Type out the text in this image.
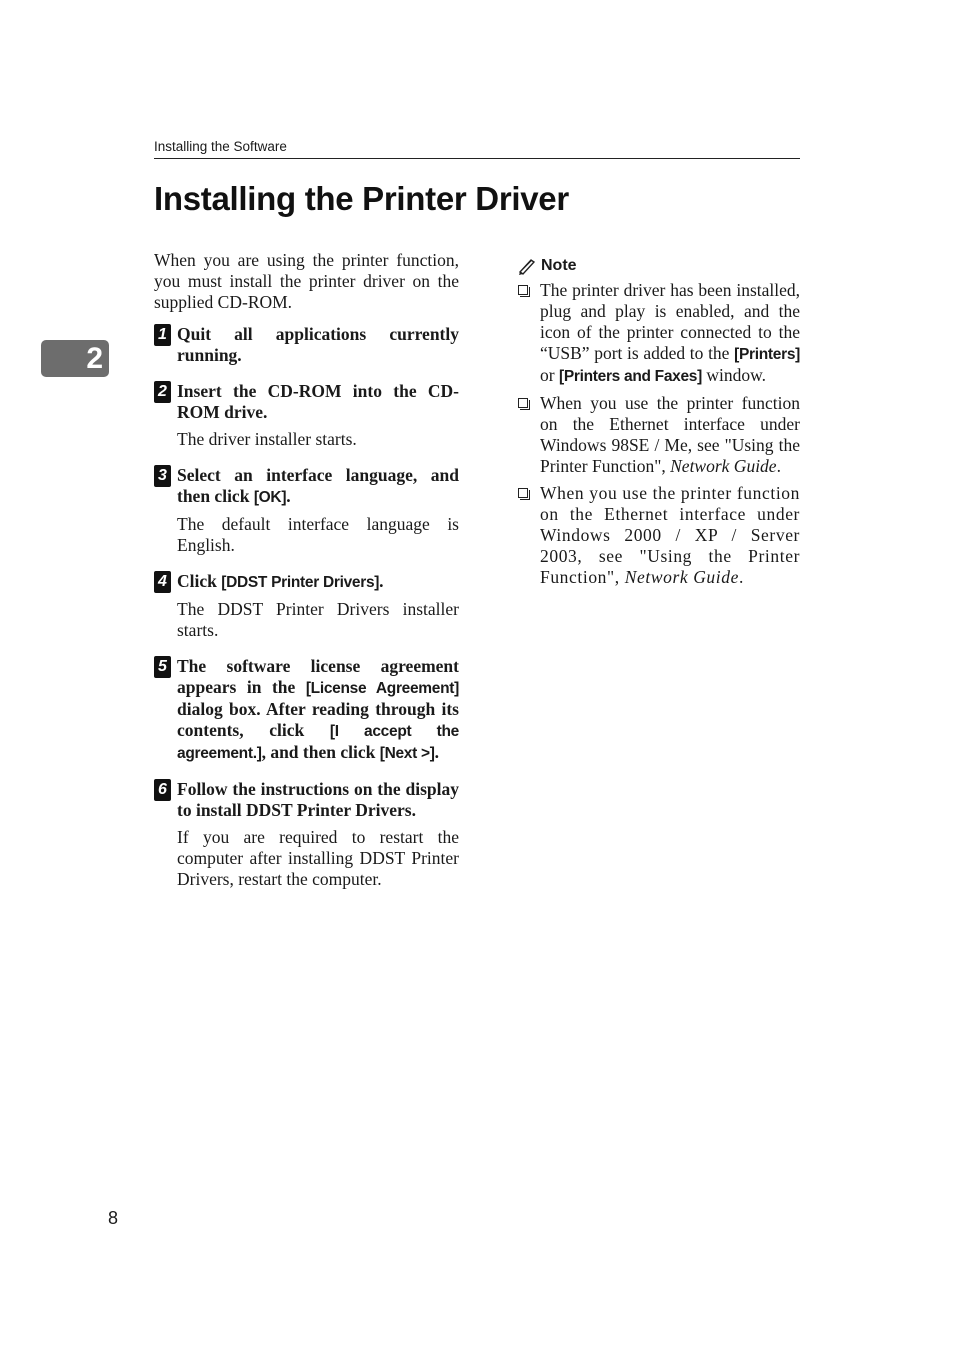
Installing the Software
Installing the Printer Driver
2

When you are using the printer function, you must install the printer driver on the supplied CD-ROM.

1 Quit all applications currently running.

2 Insert the CD-ROM into the CD-ROM drive.

The driver installer starts.

3 Select an interface language, and then click [OK].

The default interface language is English.

4 Click [DDST Printer Drivers].

The DDST Printer Drivers installer starts.

5 The software license agreement appears in the [License Agreement] dialog box. After reading through its contents, click [I accept the agreement.], and then click [Next >].

6 Follow the instructions on the display to install DDST Printer Drivers.

If you are required to restart the computer after installing DDST Printer Drivers, restart the computer.

Note

The printer driver has been installed, plug and play is enabled, and the icon of the printer connected to the “USB” port is added to the [Printers] or [Printers and Faxes] window.

When you use the printer function on the Ethernet interface under Windows 98SE / Me, see "Using the Printer Function", Network Guide.

When you use the printer function on the Ethernet interface under Windows 2000 / XP / Server 2003, see "Using the Printer Function", Network Guide.

8
